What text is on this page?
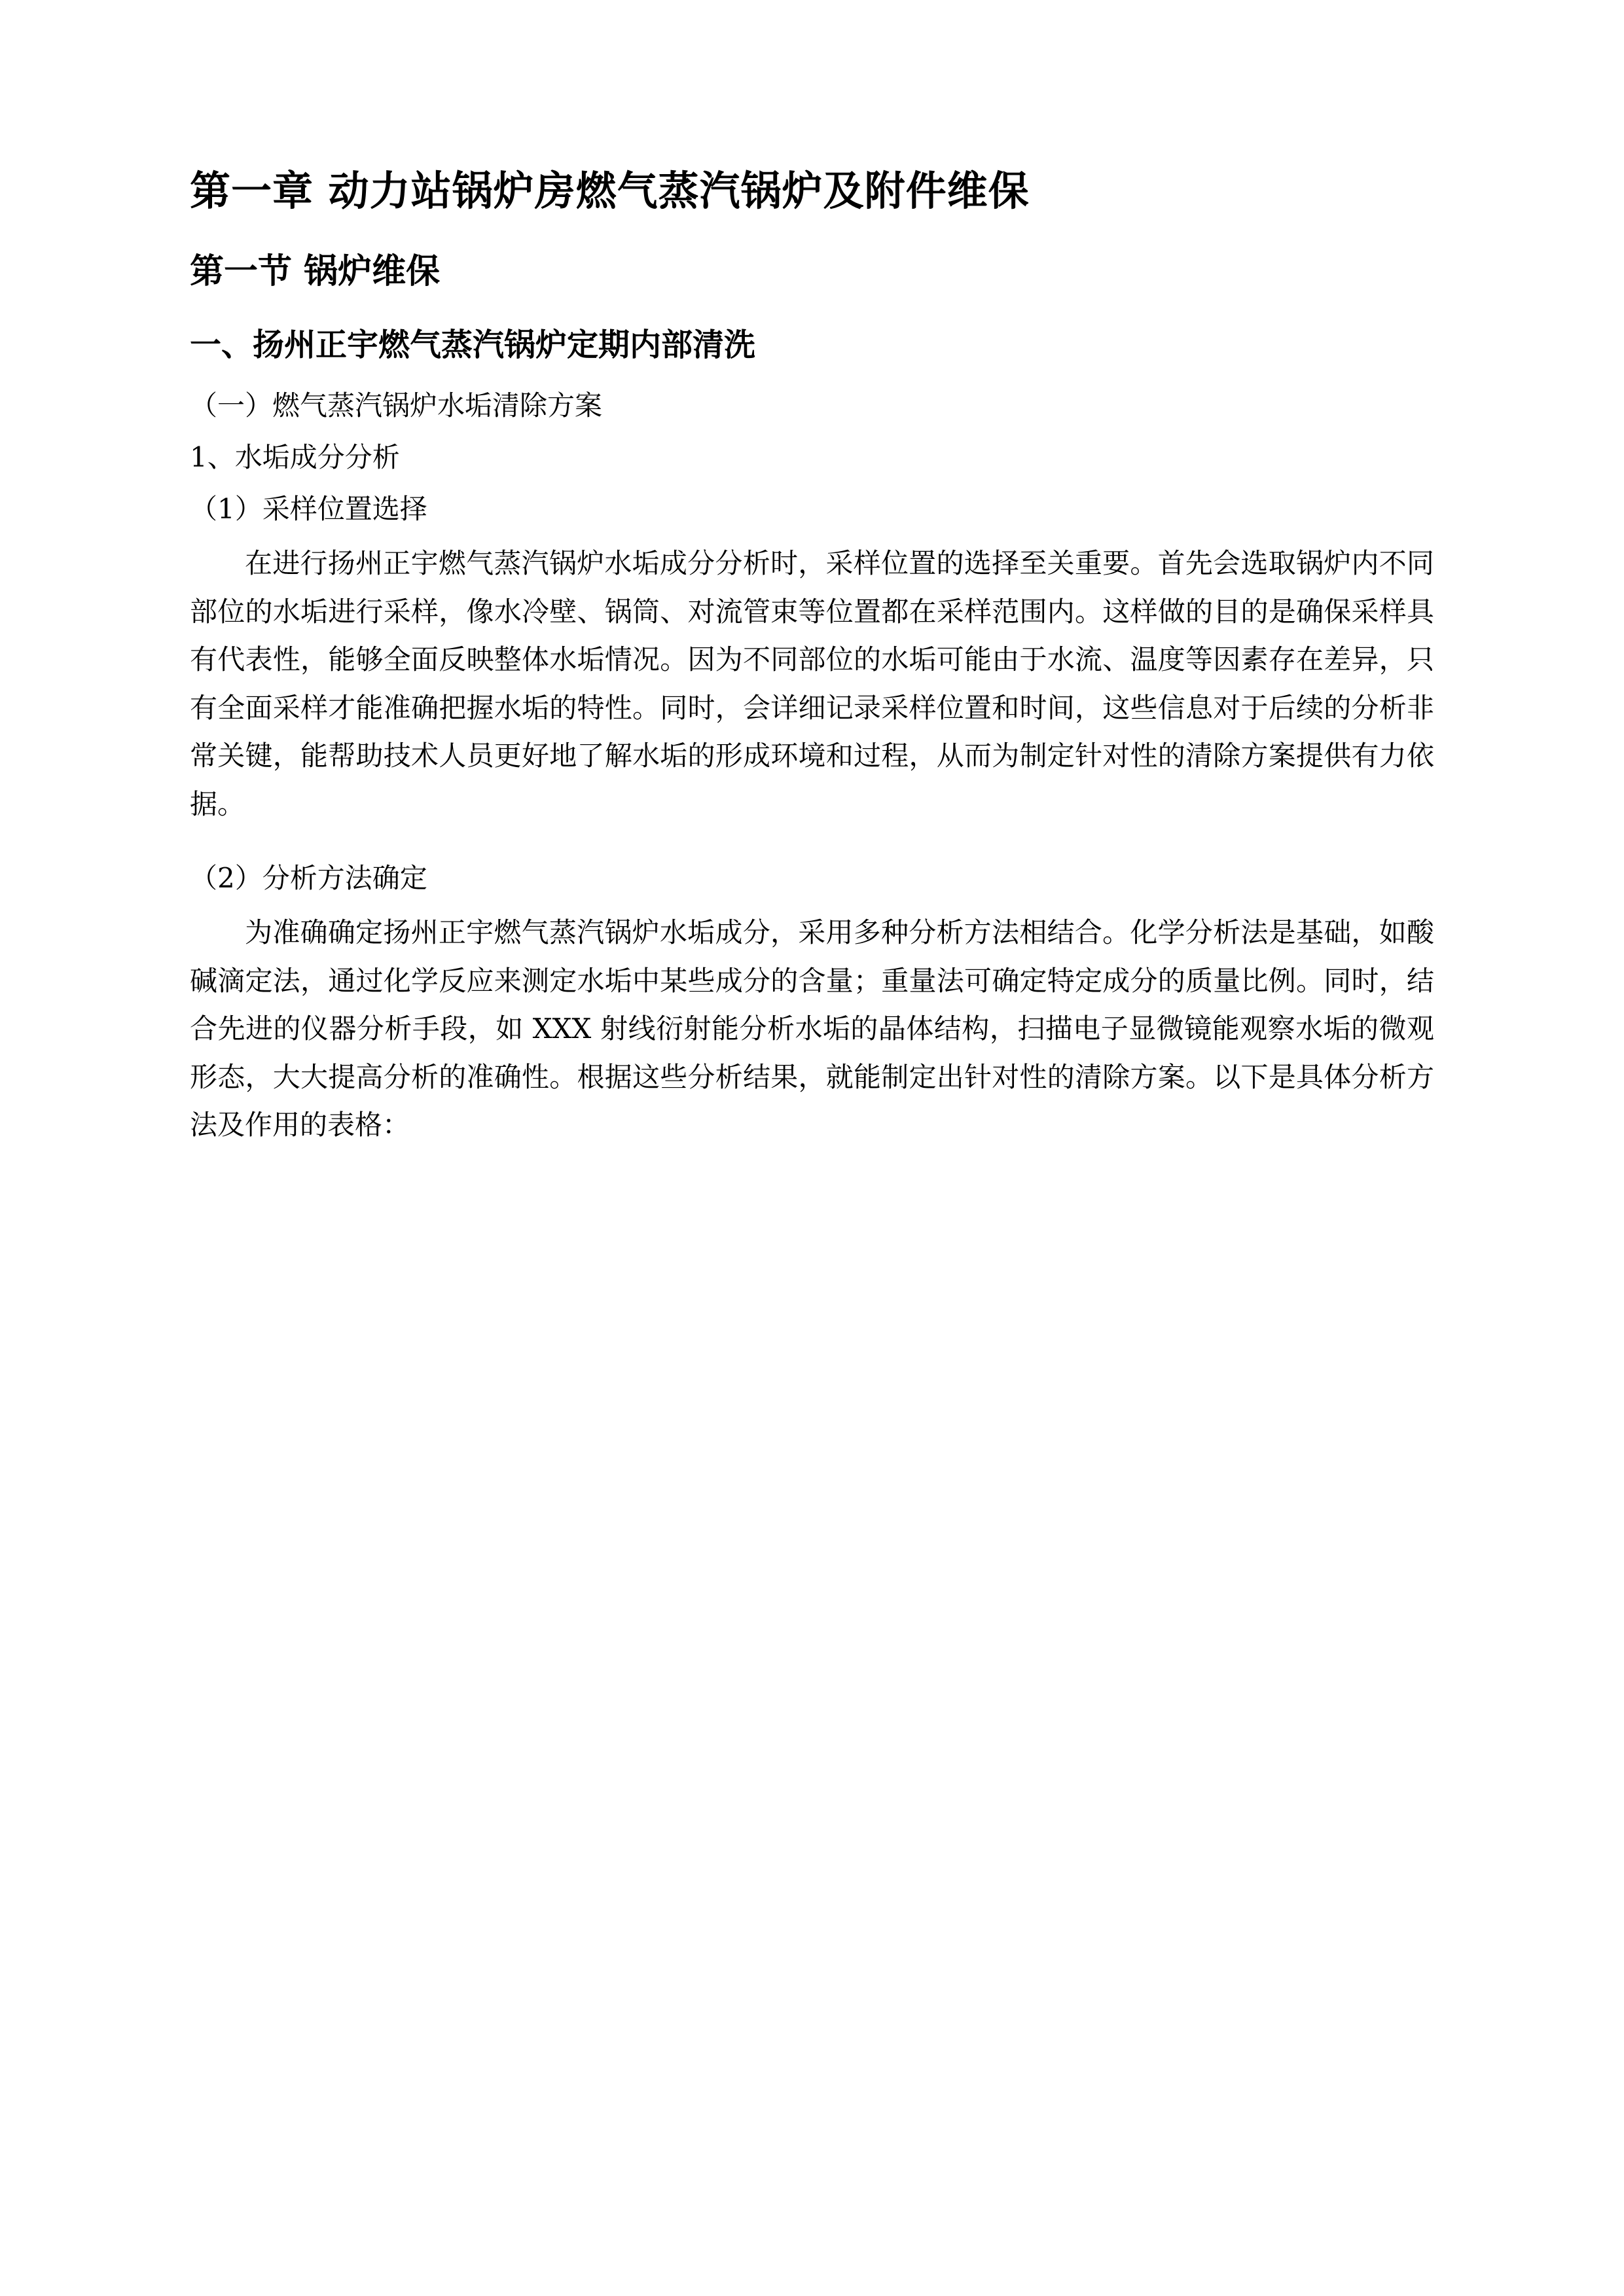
第一章 动力站锅炉房燃气蒸汽锅炉及附件维保
第一节 锅炉维保
一、扬州正宇燃气蒸汽锅炉定期内部清洗
（一）燃气蒸汽锅炉水垢清除方案
1、水垢成分分析
（1）采样位置选择

在进行扬州正宇燃气蒸汽锅炉水垢成分分析时，采样位置的选择至关重要。首先会选取锅炉内不同部位的水垢进行采样，像水冷壁、锅筒、对流管束等位置都在采样范围内。这样做的目的是确保采样具有代表性，能够全面反映整体水垢情况。因为不同部位的水垢可能由于水流、温度等因素存在差异，只有全面采样才能准确把握水垢的特性。同时，会详细记录采样位置和时间，这些信息对于后续的分析非常关键，能帮助技术人员更好地了解水垢的形成环境和过程，从而为制定针对性的清除方案提供有力依据。

（2）分析方法确定

为准确确定扬州正宇燃气蒸汽锅炉水垢成分，采用多种分析方法相结合。化学分析法是基础，如酸碱滴定法，通过化学反应来测定水垢中某些成分的含量；重量法可确定特定成分的质量比例。同时，结合先进的仪器分析手段，如 XXX 射线衍射能分析水垢的晶体结构，扫描电子显微镜能观察水垢的微观形态，大大提高分析的准确性。根据这些分析结果，就能制定出针对性的清除方案。以下是具体分析方法及作用的表格：
